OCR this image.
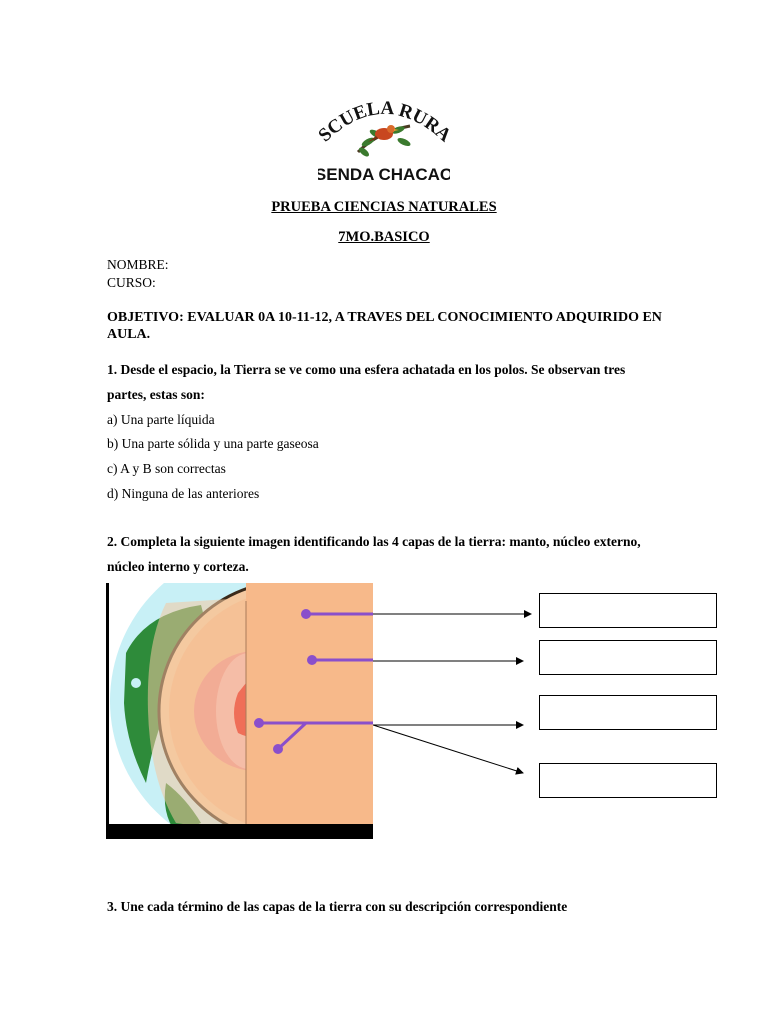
CUELA RUR
SENDA CHACAO
PRUEBA CIENCIAS NATURALES
7MO.BASICO
NOMBRE:
CURSO:
OBJETIVO: EVALUAR 0A 10-11-12, A TRAVES DEL CONOCIMIENTO ADQUIRIDO EN
AULA.
1. Desde el espacio, la Tierra se ve como una esfera achatada en los polos. Se observan tres
partes, estas son:
a) Una parte líquida
b) Una parte sólida y una parte gaseosa
c) A y B son correctas
d) Ninguna de las anteriores
2. Completa la siguiente imagen identificando las 4 capas de la tierra: manto, núcleo externo,
núcleo interno y corteza.
3. Une cada término de las capas de la tierra con su descripción correspondiente
